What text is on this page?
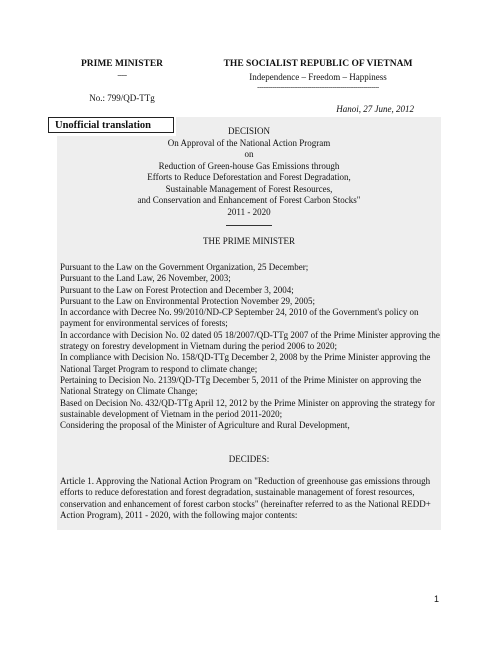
PRIME MINISTER
-----
THE SOCIALIST REPUBLIC OF VIETNAM
Independence – Freedom – Happiness
---------------------------------------------------------------
No.: 799/QD-TTg
Hanoi, 27 June, 2012
Unofficial translation	DECISION
On Approval of the National Action Program
on
Reduction of Green-house Gas Emissions through
Efforts to Reduce Deforestation and Forest Degradation,
Sustainable Management of Forest Resources,
and Conservation and Enhancement of Forest Carbon Stocks"
2011 - 2020
THE PRIME MINISTER
Pursuant to the Law on the Government Organization, 25 December;
Pursuant to the Land Law, 26 November, 2003;
Pursuant to the Law on Forest Protection and December 3, 2004;
Pursuant to the Law on Environmental Protection November 29, 2005;
In accordance with Decree No. 99/2010/ND-CP September 24, 2010 of the Government's policy on payment for environmental services of forests;
In accordance with Decision No. 02 dated 05 18/2007/QD-TTg 2007 of the Prime Minister approving the strategy on forestry development in Vietnam during the period 2006 to 2020;
In compliance with Decision No. 158/QD-TTg December 2, 2008 by the Prime Minister approving the National Target Program to respond to climate change;
Pertaining to Decision No. 2139/QD-TTg December 5, 2011 of the Prime Minister on approving the National Strategy on Climate Change;
Based on Decision No. 432/QD-TTg April 12, 2012 by the Prime Minister on approving the strategy for sustainable development of Vietnam in the period 2011-2020;
Considering the proposal of the Minister of Agriculture and Rural Development,
DECIDES:
Article 1. Approving the National Action Program on "Reduction of greenhouse gas emissions through efforts to reduce deforestation and forest degradation, sustainable management of forest resources, conservation and enhancement of forest carbon stocks" (hereinafter referred to as the National REDD+ Action Program), 2011 - 2020, with the following major contents:
1
